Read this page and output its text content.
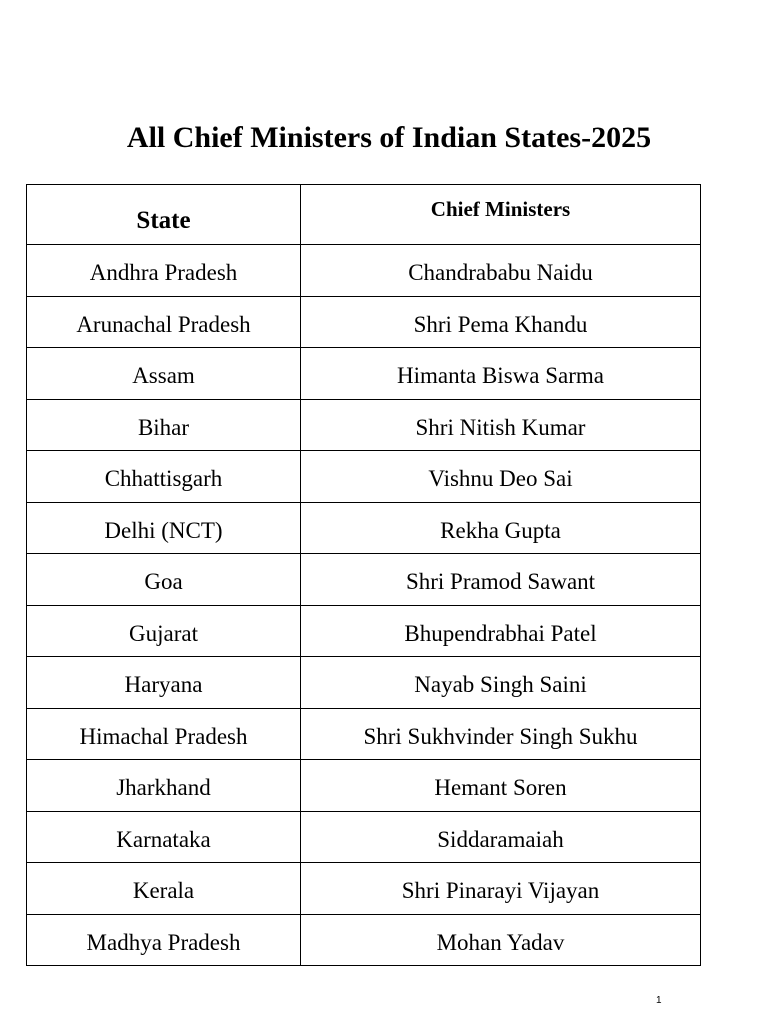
All Chief Ministers of Indian States-2025
State	Chief Ministers
Andhra Pradesh	Chandrababu Naidu
Arunachal Pradesh	Shri Pema Khandu
Assam	Himanta Biswa Sarma
Bihar	Shri Nitish Kumar
Chhattisgarh	Vishnu Deo Sai
Delhi (NCT)	Rekha Gupta
Goa	Shri Pramod Sawant
Gujarat	Bhupendrabhai Patel
Haryana	Nayab Singh Saini
Himachal Pradesh	Shri Sukhvinder Singh Sukhu
Jharkhand	Hemant Soren
Karnataka	Siddaramaiah
Kerala	Shri Pinarayi Vijayan
Madhya Pradesh	Mohan Yadav
1
